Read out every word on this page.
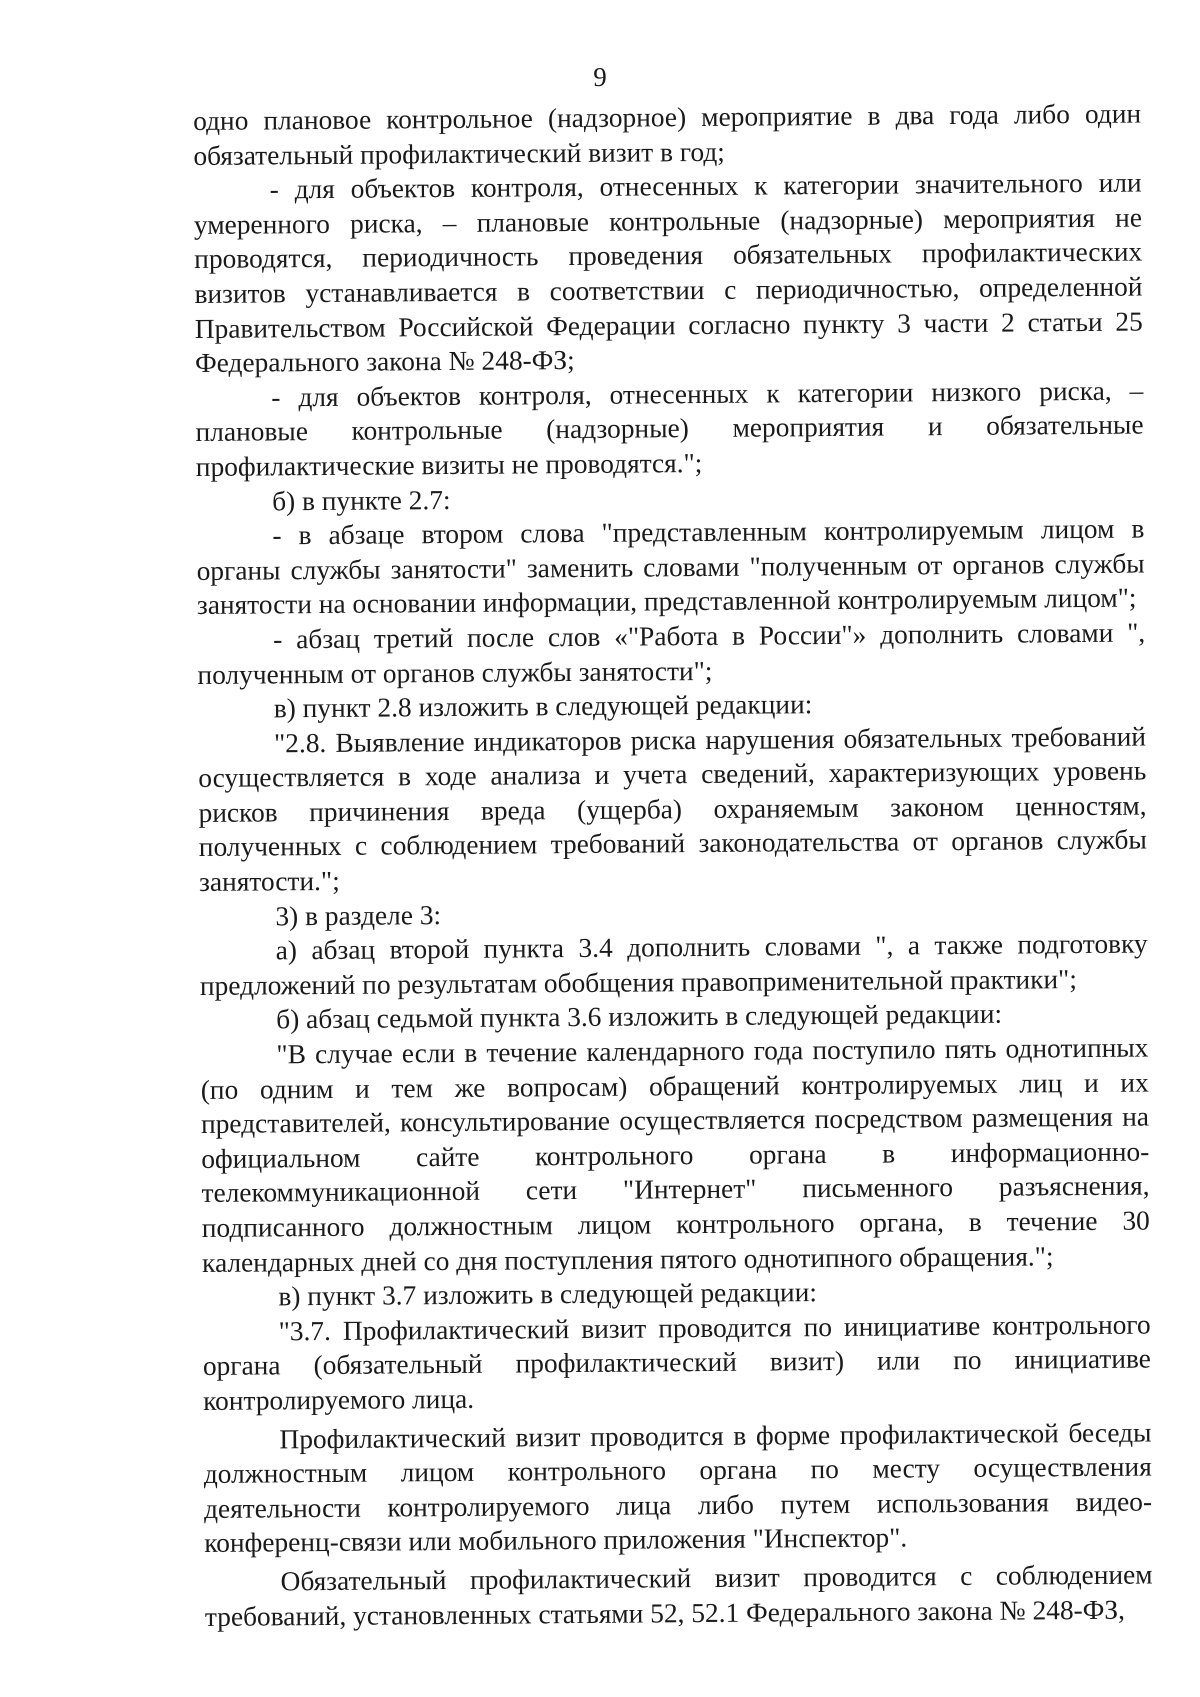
9

одно плановое контрольное (надзорное) мероприятие в два года либо один обязательный профилактический визит в год;

- для объектов контроля, отнесенных к категории значительного или умеренного риска, – плановые контрольные (надзорные) мероприятия не проводятся, периодичность проведения обязательных профилактических визитов устанавливается в соответствии с периодичностью, определенной Правительством Российской Федерации согласно пункту 3 части 2 статьи 25 Федерального закона № 248-ФЗ;

- для объектов контроля, отнесенных к категории низкого риска, – плановые контрольные (надзорные) мероприятия и обязательные профилактические визиты не проводятся.";

б) в пункте 2.7:

- в абзаце втором слова "представленным контролируемым лицом в органы службы занятости" заменить словами "полученным от органов службы занятости на основании информации, представленной контролируемым лицом";

- абзац третий после слов «"Работа в России"» дополнить словами ", полученным от органов службы занятости";

в) пункт 2.8 изложить в следующей редакции:

"2.8. Выявление индикаторов риска нарушения обязательных требований осуществляется в ходе анализа и учета сведений, характеризующих уровень рисков причинения вреда (ущерба) охраняемым законом ценностям, полученных с соблюдением требований законодательства от органов службы занятости.";

3) в разделе 3:

а) абзац второй пункта 3.4 дополнить словами ", а также подготовку предложений по результатам обобщения правоприменительной практики";

б) абзац седьмой пункта 3.6 изложить в следующей редакции:

"В случае если в течение календарного года поступило пять однотипных (по одним и тем же вопросам) обращений контролируемых лиц и их представителей, консультирование осуществляется посредством размещения на официальном сайте контрольного органа в информационно-телекоммуникационной сети "Интернет" письменного разъяснения, подписанного должностным лицом контрольного органа, в течение 30 календарных дней со дня поступления пятого однотипного обращения.";

в) пункт 3.7 изложить в следующей редакции:

"3.7. Профилактический визит проводится по инициативе контрольного органа (обязательный профилактический визит) или по инициативе контролируемого лица.

Профилактический визит проводится в форме профилактической беседы должностным лицом контрольного органа по месту осуществления деятельности контролируемого лица либо путем использования видео-конференц-связи или мобильного приложения "Инспектор".

Обязательный профилактический визит проводится с соблюдением требований, установленных статьями 52, 52.1 Федерального закона № 248-ФЗ,
